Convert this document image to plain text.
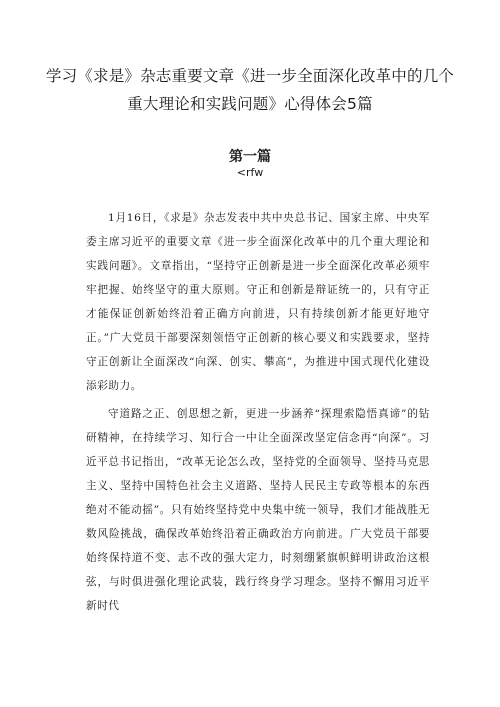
学习《求是》杂志重要文章《进一步全面深化改革中的几个
重大理论和实践问题》心得体会5篇
第一篇
<rfw

1月16日，《求是》杂志发表中共中央总书记、国家主席、中央军委主席习近平的重要文章《进一步全面深化改革中的几个重大理论和实践问题》。文章指出，“坚持守正创新是进一步全面深化改革必须牢牢把握、始终坚守的重大原则。守正和创新是辩证统一的，只有守正才能保证创新始终沿着正确方向前进，只有持续创新才能更好地守正。”广大党员干部要深刻领悟守正创新的核心要义和实践要求，坚持守正创新让全面深改“向深、创实、攀高”，为推进中国式现代化建设添彩助力。

守道路之正、创思想之新，更进一步涵养“探理索隐悟真谛”的钻研精神，在持续学习、知行合一中让全面深改坚定信念再“向深”。习近平总书记指出，“改革无论怎么改，坚持党的全面领导、坚持马克思主义、坚持中国特色社会主义道路、坚持人民民主专政等根本的东西绝对不能动摇”。只有始终坚持党中央集中统一领导，我们才能战胜无数风险挑战，确保改革始终沿着正确政治方向前进。广大党员干部要始终保持道不变、志不改的强大定力，时刻绷紧旗帜鲜明讲政治这根弦，与时俱进强化理论武装，践行终身学习理念。坚持不懈用习近平新时代
